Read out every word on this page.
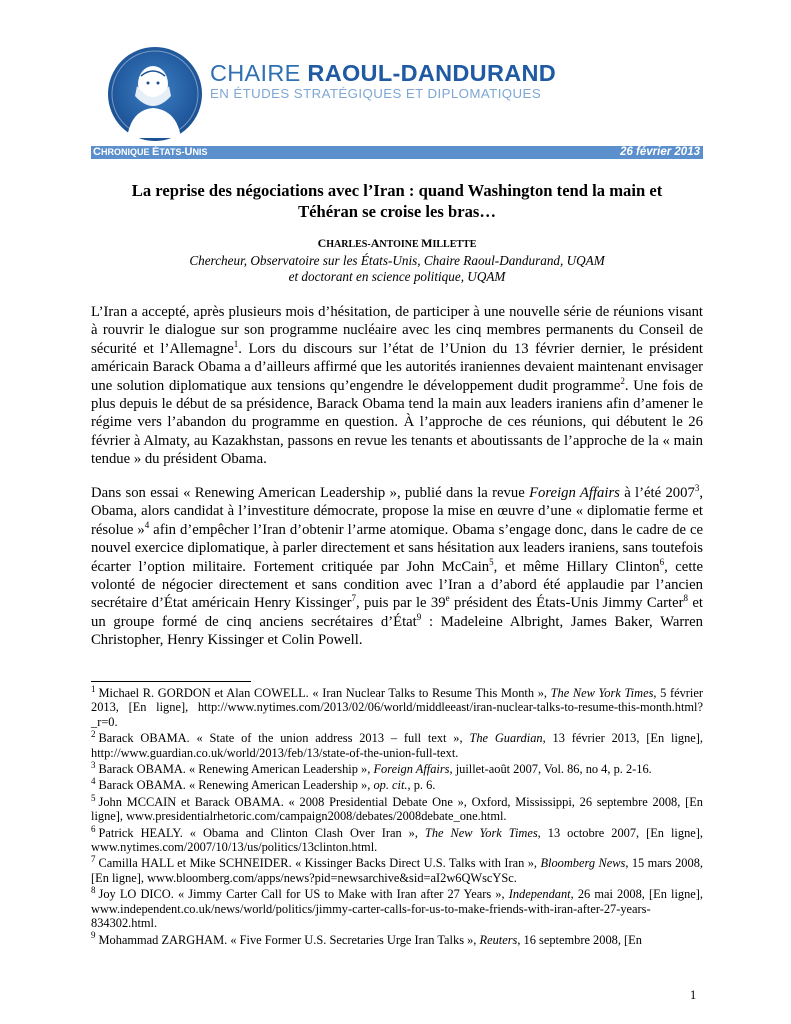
CHAIRE RAOUL-DANDURAND
EN ÉTUDES STRATÉGIQUES ET DIPLOMATIQUES
CHRONIQUE ÉTATS-UNIS	26 février 2013
La reprise des négociations avec l’Iran : quand Washington tend la main et
Téhéran se croise les bras…
CHARLES-ANTOINE MILLETTE
Chercheur, Observatoire sur les États-Unis, Chaire Raoul-Dandurand, UQAM
et doctorant en science politique, UQAM
L’Iran a accepté, après plusieurs mois d’hésitation, de participer à une nouvelle série de réunions visant à rouvrir le dialogue sur son programme nucléaire avec les cinq membres permanents du Conseil de sécurité et l’Allemagne$^1$. Lors du discours sur l’état de l’Union du 13 février dernier, le président américain Barack Obama a d’ailleurs affirmé que les autorités iraniennes devaient maintenant envisager une solution diplomatique aux tensions qu’engendre le développement dudit programme$^2$. Une fois de plus depuis le début de sa présidence, Barack Obama tend la main aux leaders iraniens afin d’amener le régime vers l’abandon du programme en question. À l’approche de ces réunions, qui débutent le 26 février à Almaty, au Kazakhstan, passons en revue les tenants et aboutissants de l’approche de la « main tendue » du président Obama.
Dans son essai « Renewing American Leadership », publié dans la revue Foreign Affairs à l’été 2007$^3$, Obama, alors candidat à l’investiture démocrate, propose la mise en œuvre d’une « diplomatie ferme et résolue »$^4$ afin d’empêcher l’Iran d’obtenir l’arme atomique. Obama s’engage donc, dans le cadre de ce nouvel exercice diplomatique, à parler directement et sans hésitation aux leaders iraniens, sans toutefois écarter l’option militaire. Fortement critiquée par John McCain$^5$, et même Hillary Clinton$^6$, cette volonté de négocier directement et sans condition avec l’Iran a d’abord été applaudie par l’ancien secrétaire d’État américain Henry Kissinger$^7$, puis par le 39e président des États-Unis Jimmy Carter$^8$ et un groupe formé de cinq anciens secrétaires d’État$^9$ : Madeleine Albright, James Baker, Warren Christopher, Henry Kissinger et Colin Powell.
$^1$ Michael R. GORDON et Alan COWELL. « Iran Nuclear Talks to Resume This Month », The New York Times, 5 février 2013, [En ligne], http://www.nytimes.com/2013/02/06/world/middleeast/iran-nuclear-talks-to-resume-this-month.html?_r=0.
$^2$ Barack OBAMA. « State of the union address 2013 – full text », The Guardian, 13 février 2013, [En ligne], http://www.guardian.co.uk/world/2013/feb/13/state-of-the-union-full-text.
$^3$ Barack OBAMA. « Renewing American Leadership », Foreign Affairs, juillet-août 2007, Vol. 86, no 4, p. 2-16.
$^4$ Barack OBAMA. « Renewing American Leadership », op. cit., p. 6.
$^5$ John MCCAIN et Barack OBAMA. « 2008 Presidential Debate One », Oxford, Mississippi, 26 septembre 2008, [En ligne], www.presidentialrhetoric.com/campaign2008/debates/2008debate_one.html.
$^6$ Patrick HEALY. « Obama and Clinton Clash Over Iran », The New York Times, 13 octobre 2007, [En ligne], www.nytimes.com/2007/10/13/us/politics/13clinton.html.
$^7$ Camilla HALL et Mike SCHNEIDER. « Kissinger Backs Direct U.S. Talks with Iran », Bloomberg News, 15 mars 2008, [En ligne], www.bloomberg.com/apps/news?pid=newsarchive&sid=aI2w6QWscYSc.
$^8$ Joy LO DICO. « Jimmy Carter Call for US to Make with Iran after 27 Years », Independant, 26 mai 2008, [En ligne], www.independent.co.uk/news/world/politics/jimmy-carter-calls-for-us-to-make-friends-with-iran-after-27-years-834302.html.
$^9$ Mohammad ZARGHAM. « Five Former U.S. Secretaries Urge Iran Talks », Reuters, 16 septembre 2008, [En
1
